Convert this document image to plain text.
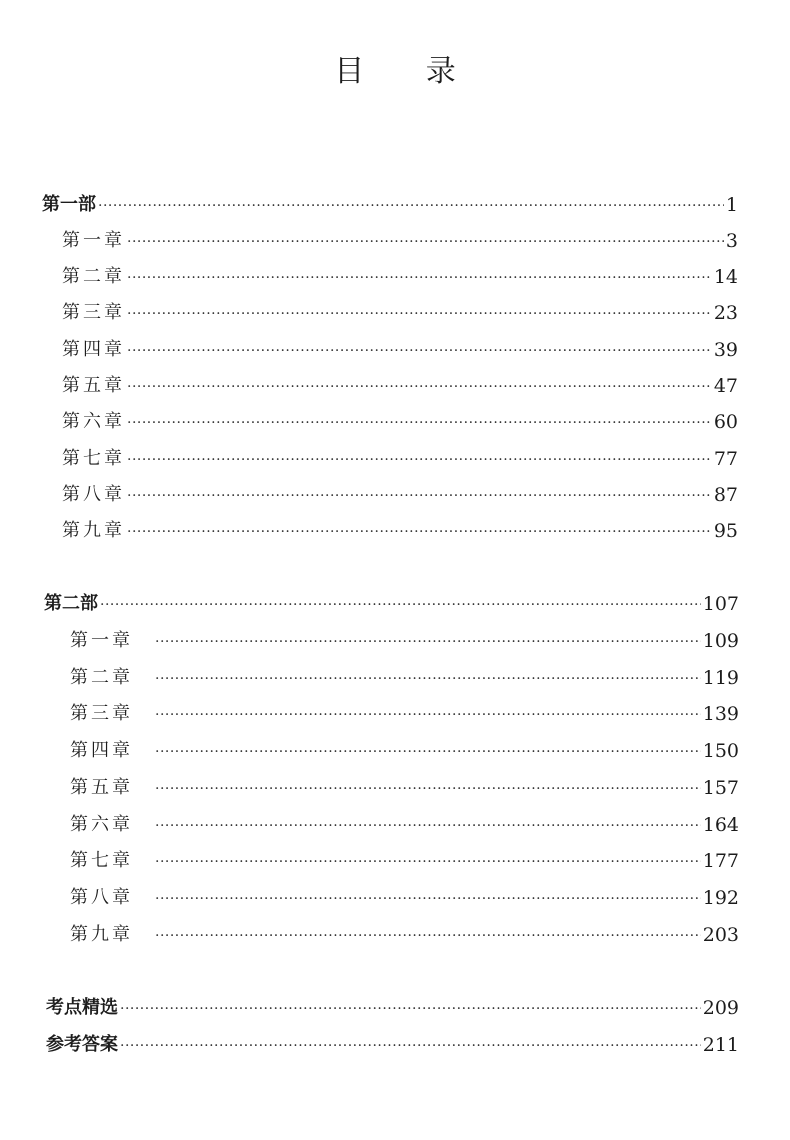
目 录
第一部 ·····	1
第一章 ·····	3
第二章 ·····	14
第三章 ·····	23
第四章 ·····	39
第五章 ·····	47
第六章 ·····	60
第七章 ·····	77
第八章 ·····	87
第九章 ·····	95
第二部 ·····	107
第一章 ·····	109
第二章 ·····	119
第三章 ·····	139
第四章 ·····	150
第五章 ·····	157
第六章 ·····	164
第七章 ·····	177
第八章 ·····	192
第九章 ·····	203
考点精选 ·····	209
参考答案 ·····	211
